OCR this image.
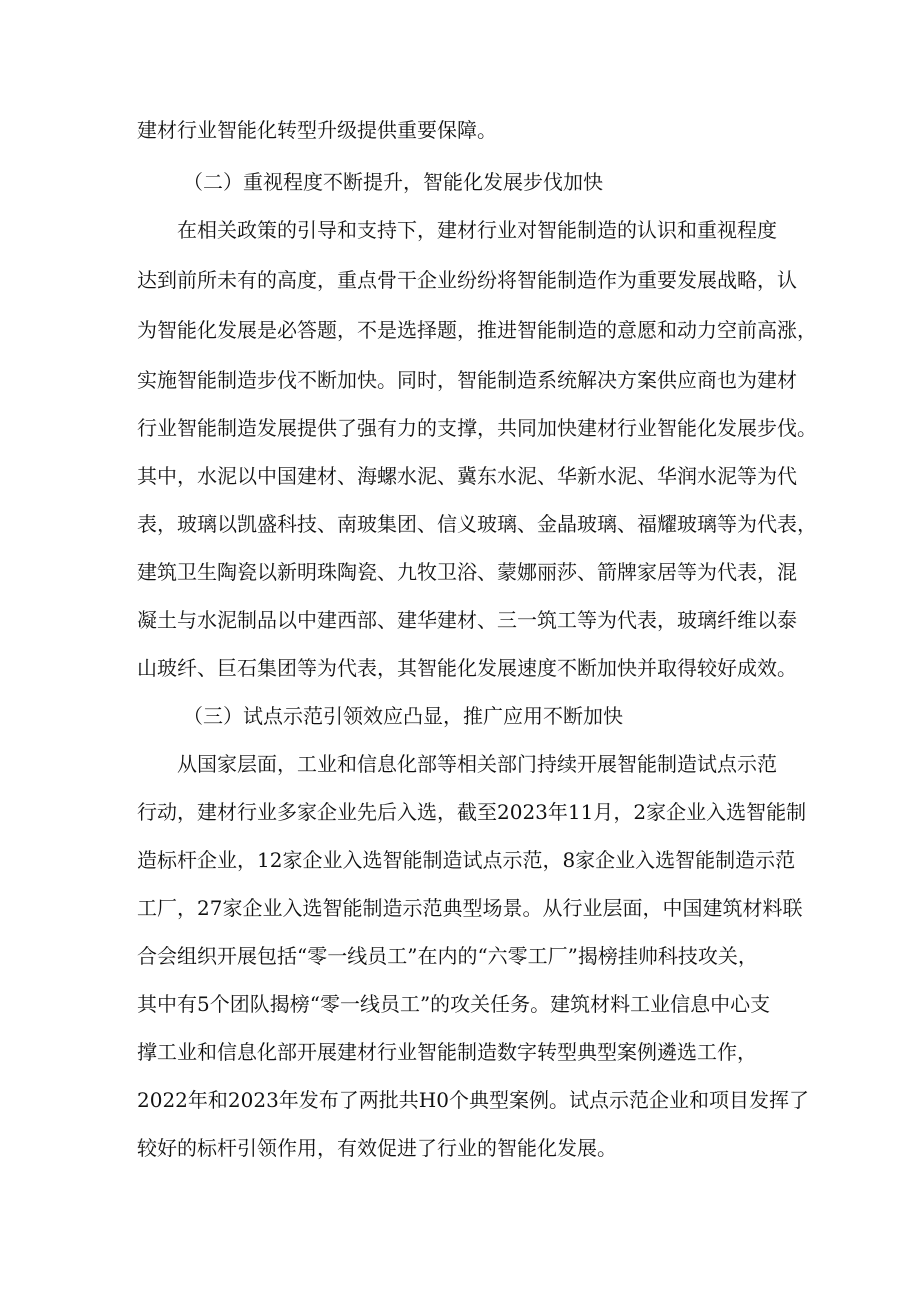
建材行业智能化转型升级提供重要保障。
（二）重视程度不断提升，智能化发展步伐加快
在相关政策的引导和支持下，建材行业对智能制造的认识和重视程度
达到前所未有的高度，重点骨干企业纷纷将智能制造作为重要发展战略，认
为智能化发展是必答题，不是选择题，推进智能制造的意愿和动力空前高涨，
实施智能制造步伐不断加快。同时，智能制造系统解决方案供应商也为建材
行业智能制造发展提供了强有力的支撑，共同加快建材行业智能化发展步伐。
其中，水泥以中国建材、海螺水泥、冀东水泥、华新水泥、华润水泥等为代
表，玻璃以凯盛科技、南玻集团、信义玻璃、金晶玻璃、福耀玻璃等为代表，
建筑卫生陶瓷以新明珠陶瓷、九牧卫浴、蒙娜丽莎、箭牌家居等为代表，混
凝土与水泥制品以中建西部、建华建材、三一筑工等为代表，玻璃纤维以泰
山玻纤、巨石集团等为代表，其智能化发展速度不断加快并取得较好成效。
（三）试点示范引领效应凸显，推广应用不断加快
从国家层面，工业和信息化部等相关部门持续开展智能制造试点示范
行动，建材行业多家企业先后入选，截至2023年11月，2家企业入选智能制
造标杆企业，12家企业入选智能制造试点示范，8家企业入选智能制造示范
工厂，27家企业入选智能制造示范典型场景。从行业层面，中国建筑材料联
合会组织开展包括“零一线员工”在内的“六零工厂”揭榜挂帅科技攻关，
其中有5个团队揭榜“零一线员工”的攻关任务。建筑材料工业信息中心支
撑工业和信息化部开展建材行业智能制造数字转型典型案例遴选工作，
2022年和2023年发布了两批共H0个典型案例。试点示范企业和项目发挥了
较好的标杆引领作用，有效促进了行业的智能化发展。
